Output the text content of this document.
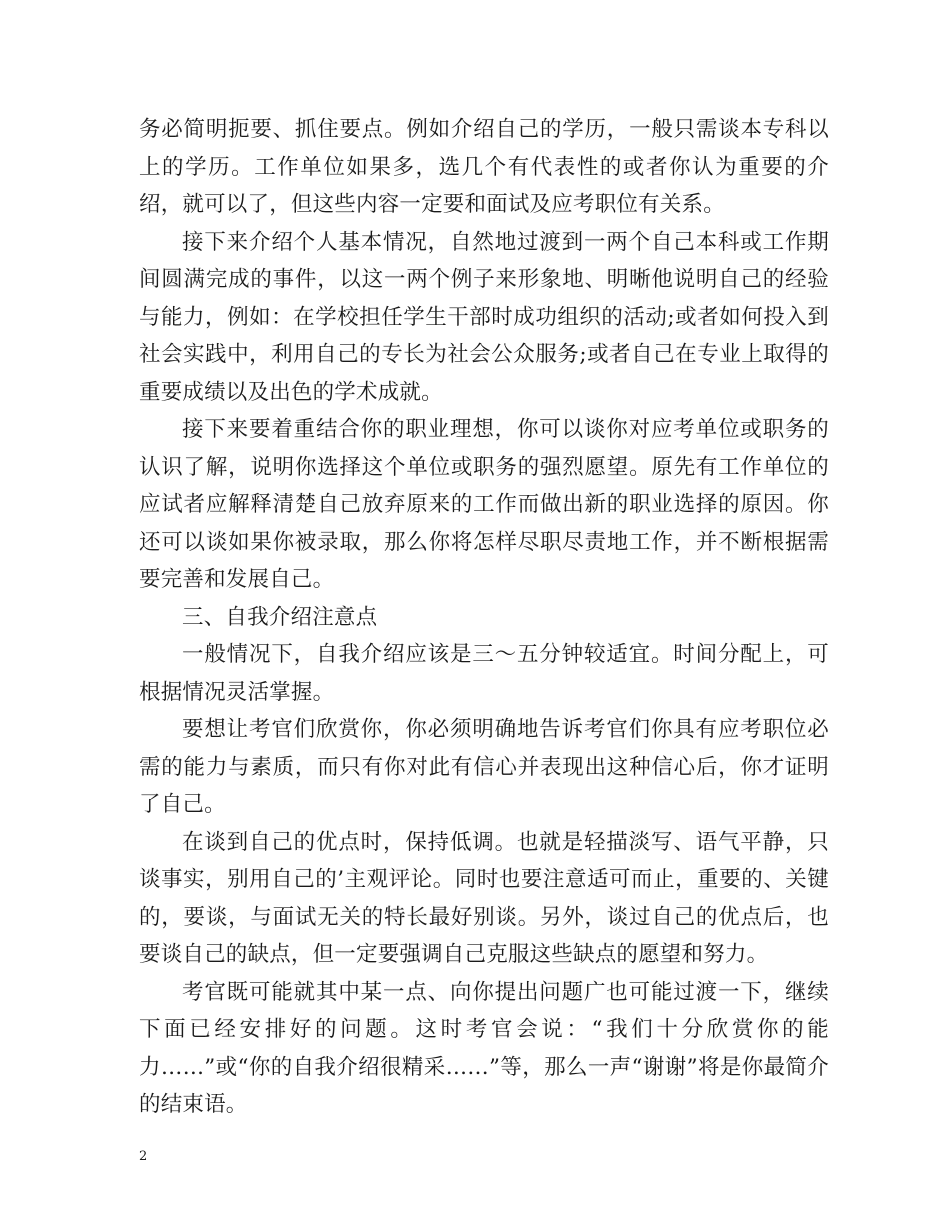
务必简明扼要、抓住要点。例如介绍自己的学历，一般只需谈本专科以上的学历。工作单位如果多，选几个有代表性的或者你认为重要的介绍，就可以了，但这些内容一定要和面试及应考职位有关系。

接下来介绍个人基本情况，自然地过渡到一两个自己本科或工作期间圆满完成的事件，以这一两个例子来形象地、明晰他说明自己的经验与能力，例如：在学校担任学生干部时成功组织的活动;或者如何投入到社会实践中，利用自己的专长为社会公众服务;或者自己在专业上取得的重要成绩以及出色的学术成就。

接下来要着重结合你的职业理想，你可以谈你对应考单位或职务的认识了解，说明你选择这个单位或职务的强烈愿望。原先有工作单位的应试者应解释清楚自己放弃原来的工作而做出新的职业选择的原因。你还可以谈如果你被录取，那么你将怎样尽职尽责地工作，并不断根据需要完善和发展自己。

三、自我介绍注意点

一般情况下，自我介绍应该是三～五分钟较适宜。时间分配上，可根据情况灵活掌握。

要想让考官们欣赏你，你必须明确地告诉考官们你具有应考职位必需的能力与素质，而只有你对此有信心并表现出这种信心后，你才证明了自己。

在谈到自己的优点时，保持低调。也就是轻描淡写、语气平静，只谈事实，别用自己的’主观评论。同时也要注意适可而止，重要的、关键的，要谈，与面试无关的特长最好别谈。另外，谈过自己的优点后，也要谈自己的缺点，但一定要强调自己克服这些缺点的愿望和努力。

考官既可能就其中某一点、向你提出问题广也可能过渡一下，继续下面已经安排好的问题。这时考官会说：“我们十分欣赏你的能力……”或“你的自我介绍很精采……”等，那么一声“谢谢”将是你最简介的结束语。

2
